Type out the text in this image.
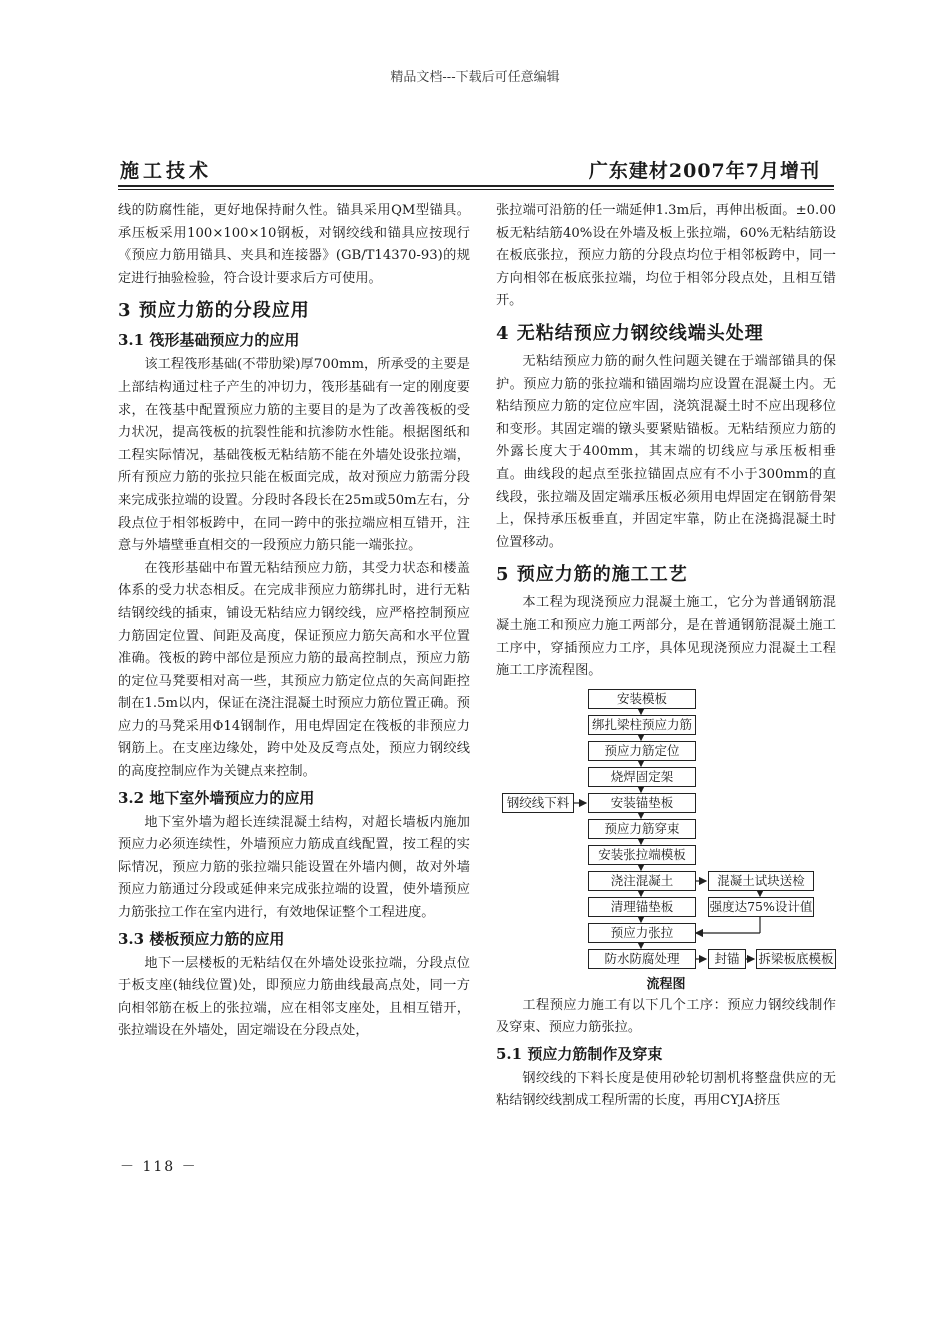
精品文档---下载后可任意编辑
施工技术	广东建材2007年7月增刊

线的防腐性能，更好地保持耐久性。锚具采用QM型锚具。承压板采用100×100×10钢板，对钢绞线和锚具应按现行《预应力筋用锚具、夹具和连接器》(GB/T14370-93)的规定进行抽验检验，符合设计要求后方可使用。

3 预应力筋的分段应用
3.1 筏形基础预应力的应用

该工程筏形基础(不带肋梁)厚700mm，所承受的主要是上部结构通过柱子产生的冲切力，筏形基础有一定的刚度要求，在筏基中配置预应力筋的主要目的是为了改善筏板的受力状况，提高筏板的抗裂性能和抗渗防水性能。根据图纸和工程实际情况，基础筏板无粘结筋不能在外墙处设张拉端，所有预应力筋的张拉只能在板面完成，故对预应力筋需分段来完成张拉端的设置。分段时各段长在25m或50m左右，分段点位于相邻板跨中，在同一跨中的张拉端应相互错开，注意与外墙壁垂直相交的一段预应力筋只能一端张拉。

在筏形基础中布置无粘结预应力筋，其受力状态和楼盖体系的受力状态相反。在完成非预应力筋绑扎时，进行无粘结钢绞线的插束，铺设无粘结应力钢绞线，应严格控制预应力筋固定位置、间距及高度，保证预应力筋矢高和水平位置准确。筏板的跨中部位是预应力筋的最高控制点，预应力筋的定位马凳要相对高一些，其预应力筋定位点的矢高间距控制在1.5m以内，保证在浇注混凝土时预应力筋位置正确。预应力的马凳采用Φ14钢制作，用电焊固定在筏板的非预应力钢筋上。在支座边缘处，跨中处及反弯点处，预应力钢绞线的高度控制应作为关键点来控制。

3.2 地下室外墙预应力的应用

地下室外墙为超长连续混凝土结构，对超长墙板内施加预应力必须连续性，外墙预应力筋成直线配置，按工程的实际情况，预应力筋的张拉端只能设置在外墙内侧，故对外墙预应力筋通过分段或延伸来完成张拉端的设置，使外墙预应力筋张拉工作在室内进行，有效地保证整个工程进度。

3.3 楼板预应力筋的应用

地下一层楼板的无粘结仅在外墙处设张拉端，分段点位于板支座(轴线位置)处，即预应力筋曲线最高点处，同一方向相邻筋在板上的张拉端，应在相邻支座处，且相互错开，张拉端设在外墙处，固定端设在分段点处，

张拉端可沿筋的任一端延伸1.3m后，再伸出板面。±0.00板无粘结筋40%设在外墙及板上张拉端，60%无粘结筋设在板底张拉，预应力筋的分段点均位于相邻板跨中，同一方向相邻在板底张拉端，均位于相邻分段点处，且相互错开。

4 无粘结预应力钢绞线端头处理

无粘结预应力筋的耐久性问题关键在于端部锚具的保护。预应力筋的张拉端和锚固端均应设置在混凝土内。无粘结预应力筋的定位应牢固，浇筑混凝土时不应出现移位和变形。其固定端的镦头要紧贴锚板。无粘结预应力筋的外露长度大于400mm，其末端的切线应与承压板相垂直。曲线段的起点至张拉锚固点应有不小于300mm的直线段，张拉端及固定端承压板必须用电焊固定在钢筋骨架上，保持承压板垂直，并固定牢靠，防止在浇捣混凝土时位置移动。

5 预应力筋的施工工艺

本工程为现浇预应力混凝土施工，它分为普通钢筋混凝土施工和预应力施工两部分，是在普通钢筋混凝土施工工序中，穿插预应力工序，具体见现浇预应力混凝土工程施工工序流程图。

安装模板
绑扎梁柱预应力筋
预应力筋定位
烧焊固定架
安装锚垫板
预应力筋穿束
安装张拉端模板
浇注混凝土
清理锚垫板
预应力张拉
防水防腐处理
钢绞线下料
混凝土试块送检
强度达75%设计值
封锚	拆梁板底模板
流程图

工程预应力施工有以下几个工序：预应力钢绞线制作及穿束、预应力筋张拉。

5.1 预应力筋制作及穿束

钢绞线的下料长度是使用砂轮切割机将整盘供应的无粘结钢绞线割成工程所需的长度，再用CYJA挤压

－ 118 －
